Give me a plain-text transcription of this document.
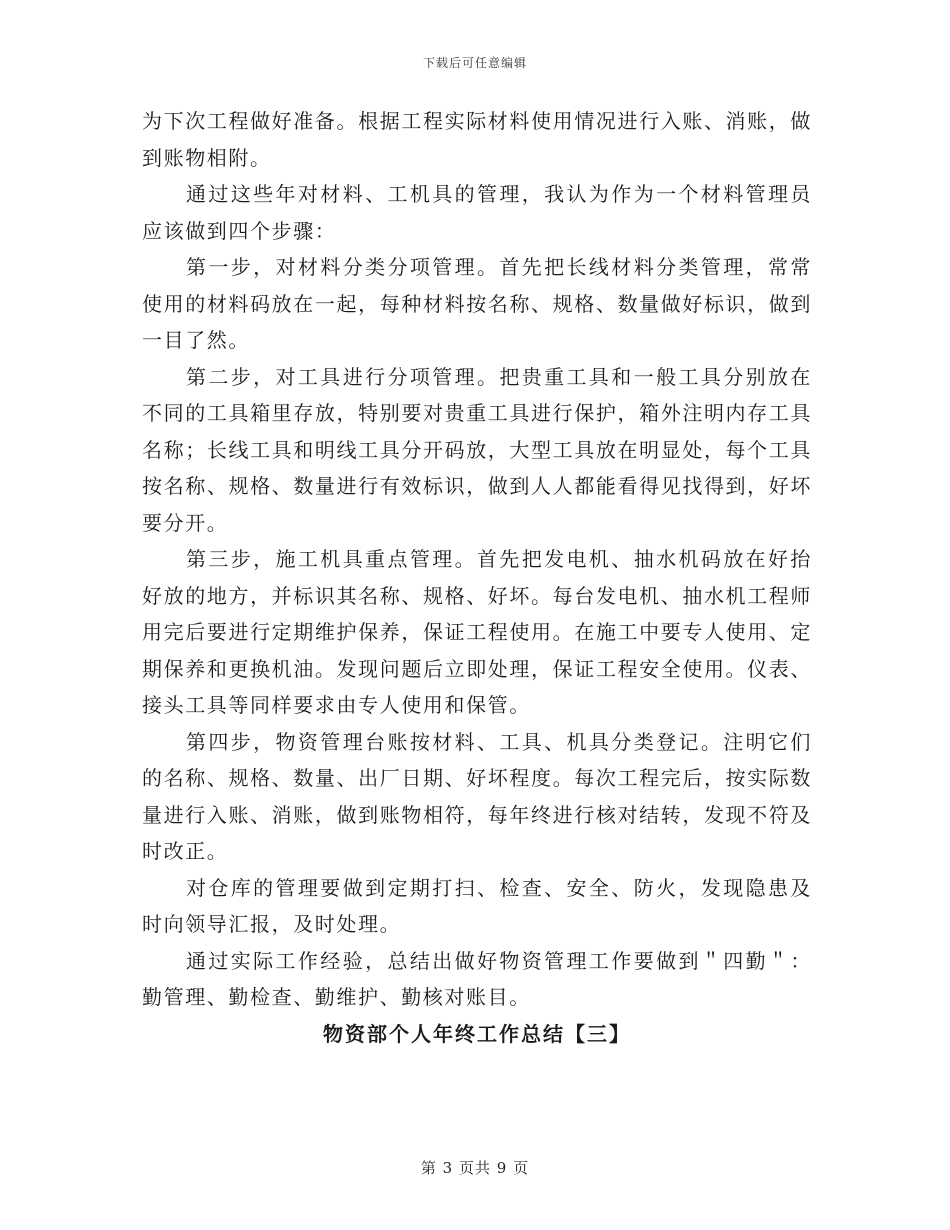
下载后可任意编辑

为下次工程做好准备。根据工程实际材料使用情况进行入账、消账，做到账物相附。

通过这些年对材料、工机具的管理，我认为作为一个材料管理员应该做到四个步骤：

第一步，对材料分类分项管理。首先把长线材料分类管理，常常使用的材料码放在一起，每种材料按名称、规格、数量做好标识，做到一目了然。

第二步，对工具进行分项管理。把贵重工具和一般工具分别放在不同的工具箱里存放，特别要对贵重工具进行保护，箱外注明内存工具名称；长线工具和明线工具分开码放，大型工具放在明显处，每个工具按名称、规格、数量进行有效标识，做到人人都能看得见找得到，好坏要分开。

第三步，施工机具重点管理。首先把发电机、抽水机码放在好抬好放的地方，并标识其名称、规格、好坏。每台发电机、抽水机工程师用完后要进行定期维护保养，保证工程使用。在施工中要专人使用、定期保养和更换机油。发现问题后立即处理，保证工程安全使用。仪表、接头工具等同样要求由专人使用和保管。

第四步，物资管理台账按材料、工具、机具分类登记。注明它们的名称、规格、数量、出厂日期、好坏程度。每次工程完后，按实际数量进行入账、消账，做到账物相符，每年终进行核对结转，发现不符及时改正。

对仓库的管理要做到定期打扫、检查、安全、防火，发现隐患及时向领导汇报，及时处理。

通过实际工作经验，总结出做好物资管理工作要做到＂四勤＂：勤管理、勤检查、勤维护、勤核对账目。

物资部个人年终工作总结【三】
第 3 页共 9 页
